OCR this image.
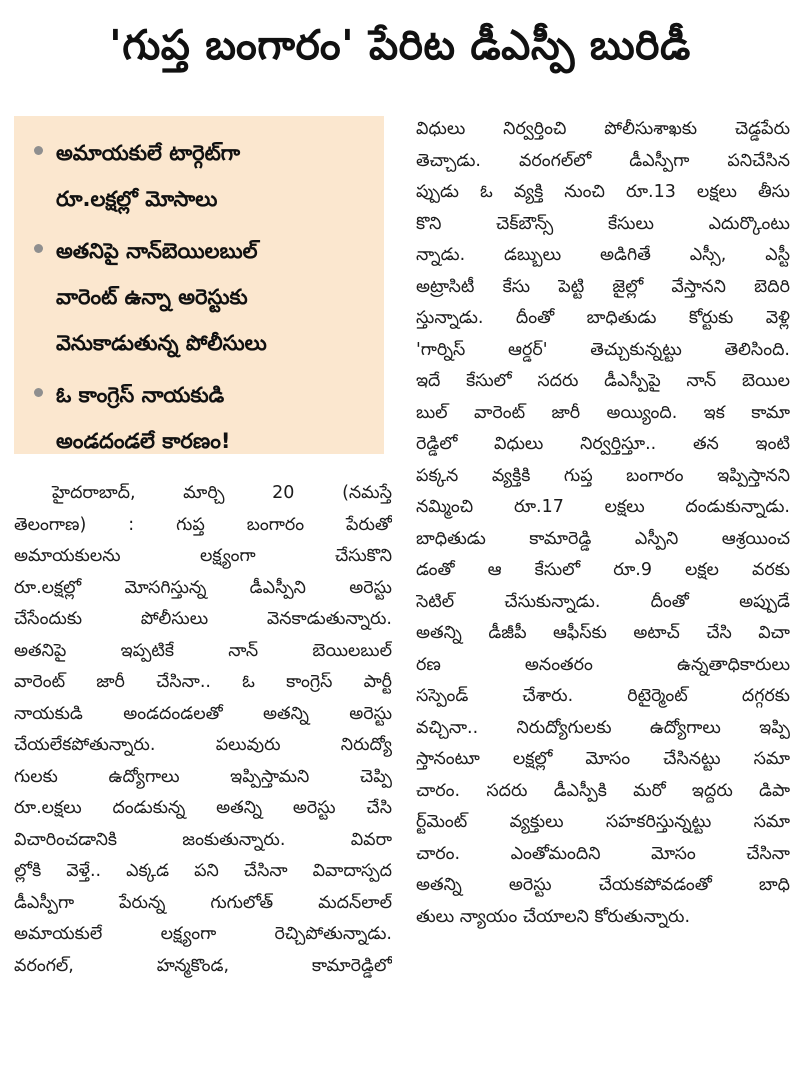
'గుప్త బంగారం' పేరిట డీఎస్పీ బురిడీ
అమాయకులే టార్గెట్‌గా
రూ.లక్షల్లో మోసాలు
అతనిపై నాన్‌బెయిలబుల్
వారెంట్ ఉన్నా అరెస్టుకు
వెనుకాడుతున్న పోలీసులు
ఓ కాంగ్రెస్ నాయకుడి
అండదండలే కారణం!
హైదరాబాద్, మార్చి 20 (నమస్తే
తెలంగాణ) : గుప్త బంగారం పేరుతో
అమాయకులను లక్ష్యంగా చేసుకొని
రూ.లక్షల్లో మోసగిస్తున్న డీఎస్పీని అరెస్టు
చేసేందుకు పోలీసులు వెనకాడుతున్నారు.
అతనిపై ఇప్పటికే నాన్ బెయిలబుల్
వారెంట్ జారీ చేసినా.. ఓ కాంగ్రెస్ పార్టీ
నాయకుడి అండదండలతో అతన్ని అరెస్టు
చేయలేకపోతున్నారు. పలువురు నిరుద్యో
గులకు ఉద్యోగాలు ఇప్పిస్తామని చెప్పి
రూ.లక్షలు దండుకున్న అతన్ని అరెస్టు చేసి
విచారించడానికి జంకుతున్నారు. వివరా
ల్లోకి వెళ్తే.. ఎక్కడ పని చేసినా వివాదాస్పద
డీఎస్పీగా పేరున్న గుగులోత్ మదన్‌లాల్
అమాయకులే లక్ష్యంగా రెచ్చిపోతున్నాడు.
వరంగల్, హన్మకొండ, కామారెడ్డిలో
విధులు నిర్వర్తించి పోలీసుశాఖకు చెడ్డపేరు
తెచ్చాడు. వరంగల్‌లో డీఎస్పీగా పనిచేసిన
ప్పుడు ఓ వ్యక్తి నుంచి రూ.13 లక్షలు తీసు
కొని చెక్‌బౌన్స్ కేసులు ఎదుర్కొంటు
న్నాడు. డబ్బులు అడిగితే ఎస్సీ, ఎస్టీ
అట్రాసిటీ కేసు పెట్టి జైల్లో వేస్తానని బెదిరి
స్తున్నాడు. దీంతో బాధితుడు కోర్టుకు వెళ్లి
'గార్నిస్ ఆర్డర్' తెచ్చుకున్నట్టు తెలిసింది.
ఇదే కేసులో సదరు డీఎస్పీపై నాన్ బెయిల
బుల్ వారెంట్ జారీ అయ్యింది. ఇక కామా
రెడ్డిలో విధులు నిర్వర్తిస్తూ.. తన ఇంటి
పక్కన వ్యక్తికి గుప్త బంగారం ఇప్పిస్తానని
నమ్మించి రూ.17 లక్షలు దండుకున్నాడు.
బాధితుడు కామారెడ్డి ఎస్పీని ఆశ్రయించ
డంతో ఆ కేసులో రూ.9 లక్షల వరకు
సెటిల్ చేసుకున్నాడు. దీంతో అప్పుడే
అతన్ని డీజీపీ ఆఫీస్‌కు అటాచ్ చేసి విచా
రణ అనంతరం ఉన్నతాధికారులు
సస్పెండ్ చేశారు. రిటైర్మెంట్ దగ్గరకు
వచ్చినా.. నిరుద్యోగులకు ఉద్యోగాలు ఇప్పి
స్తానంటూ లక్షల్లో మోసం చేసినట్టు సమా
చారం. సదరు డీఎస్పీకి మరో ఇద్దరు డిపా
ర్ట్‌మెంట్ వ్యక్తులు సహకరిస్తున్నట్టు సమా
చారం. ఎంతోమందిని మోసం చేసినా
అతన్ని అరెస్టు చేయకపోవడంతో బాధి
తులు న్యాయం చేయాలని కోరుతున్నారు.
